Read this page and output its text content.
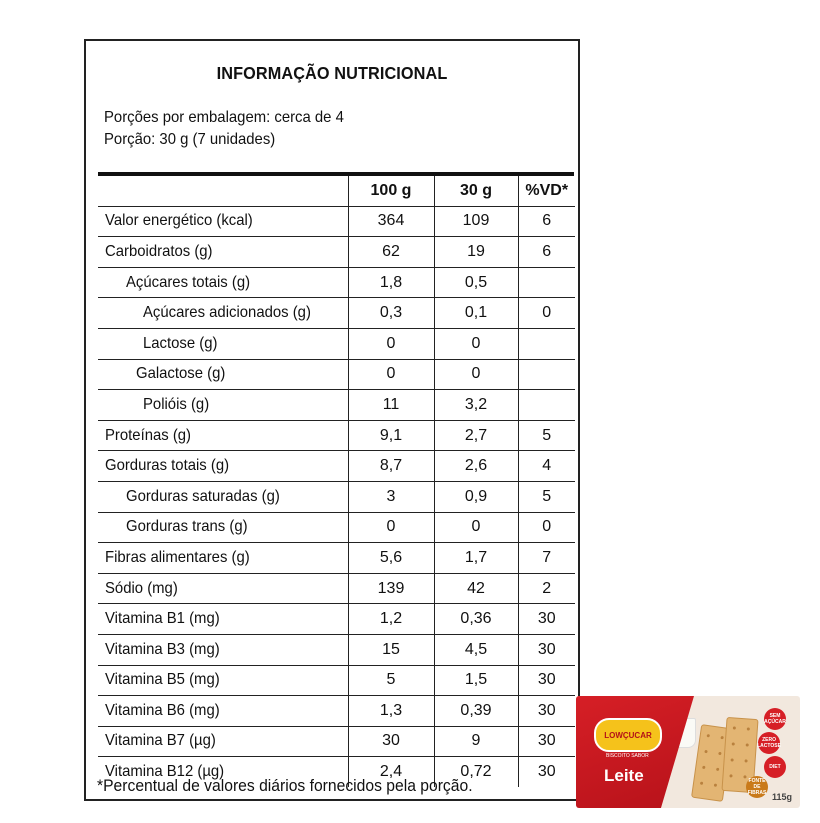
INFORMAÇÃO NUTRICIONAL
Porções por embalagem: cerca de 4
Porção: 30 g (7 unidades)
	100 g	30 g	%VD*
Valor energético (kcal)	364	109	6
Carboidratos (g)	62	19	6
Açúcares totais (g)	1,8	0,5	
Açúcares adicionados (g)	0,3	0,1	0
Lactose (g)	0	0	
Galactose (g)	0	0	
Polióis (g)	11	3,2	
Proteínas (g)	9,1	2,7	5
Gorduras totais (g)	8,7	2,6	4
Gorduras saturadas (g)	3	0,9	5
Gorduras trans (g)	0	0	0
Fibras alimentares (g)	5,6	1,7	7
Sódio (mg)	139	42	2
Vitamina B1 (mg)	1,2	0,36	30
Vitamina B3 (mg)	15	4,5	30
Vitamina B5 (mg)	5	1,5	30
Vitamina B6 (mg)	1,3	0,39	30
Vitamina B7 (µg)	30	9	30
Vitamina B12 (µg)	2,4	0,72	30
*Percentual de valores diários fornecidos pela porção.
LOWÇUCAR
BISCOITO SABOR
Leite
SEM AÇÚCAR
ZERO LACTOSE
DIET
FONTE DE FIBRAS 115g
